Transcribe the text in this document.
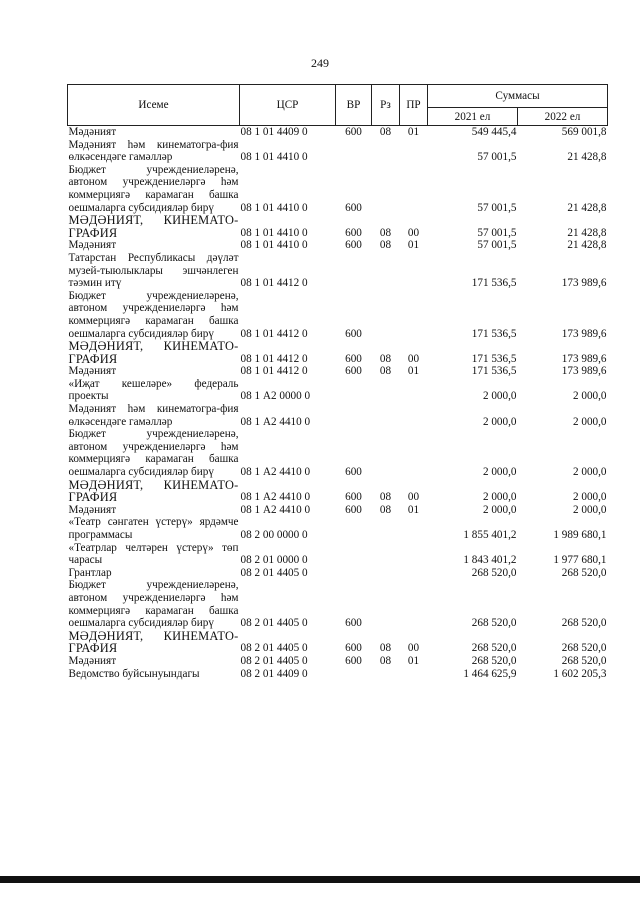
249
Исеме	ЦСР	ВР	Рз	ПР	Суммасы	
					2021 ел	2022 ел
Мәдәният	08 1 01 4409 0	600	08	01	549 445,4	569 001,8
Мәдәният һәм кинематогра-фия өлкәсендәге гамәлләр	08 1 01 4410 0				57 001,5	21 428,8
Бюджет учреждениеләренә, автоном учреждениеләргә һәм коммерциягә карамаган башка оешмаларга субсидияләр бирү	08 1 01 4410 0	600			57 001,5	21 428,8
МӘДӘНИЯТ, КИНЕМАТО-ГРАФИЯ	08 1 01 4410 0	600	08	00	57 001,5	21 428,8
Мәдәният	08 1 01 4410 0	600	08	01	57 001,5	21 428,8
Татарстан Республикасы дәүләт музей-тыюлыклары эшчәнлеген тәэмин итү	08 1 01 4412 0				171 536,5	173 989,6
Бюджет учреждениеләренә, автоном учреждениеләргә һәм коммерциягә карамаган башка оешмаларга субсидияләр бирү	08 1 01 4412 0	600			171 536,5	173 989,6
МӘДӘНИЯТ, КИНЕМАТО-ГРАФИЯ	08 1 01 4412 0	600	08	00	171 536,5	173 989,6
Мәдәният	08 1 01 4412 0	600	08	01	171 536,5	173 989,6
«Иҗат кешеләре» федераль проекты	08 1 А2 0000 0				2 000,0	2 000,0
Мәдәният һәм кинематогра-фия өлкәсендәге гамәлләр	08 1 А2 4410 0				2 000,0	2 000,0
Бюджет учреждениеләренә, автоном учреждениеләргә һәм коммерциягә карамаган башка оешмаларга субсидияләр бирү	08 1 А2 4410 0	600			2 000,0	2 000,0
МӘДӘНИЯТ, КИНЕМАТО-ГРАФИЯ	08 1 А2 4410 0	600	08	00	2 000,0	2 000,0
Мәдәният	08 1 А2 4410 0	600	08	01	2 000,0	2 000,0
«Театр сәнгатен үстерү» ярдәмче программасы	08 2 00 0000 0				1 855 401,2	1 989 680,1
«Театрлар челтәрен үстерү» төп чарасы	08 2 01 0000 0				1 843 401,2	1 977 680,1
Грантлар	08 2 01 4405 0				268 520,0	268 520,0
Бюджет учреждениеләренә, автоном учреждениеләргә һәм коммерциягә карамаган башка оешмаларга субсидияләр бирү	08 2 01 4405 0	600			268 520,0	268 520,0
МӘДӘНИЯТ, КИНЕМАТО-ГРАФИЯ	08 2 01 4405 0	600	08	00	268 520,0	268 520,0
Мәдәният	08 2 01 4405 0	600	08	01	268 520,0	268 520,0
Ведомство буйсынуындагы	08 2 01 4409 0				1 464 625,9	1 602 205,3
